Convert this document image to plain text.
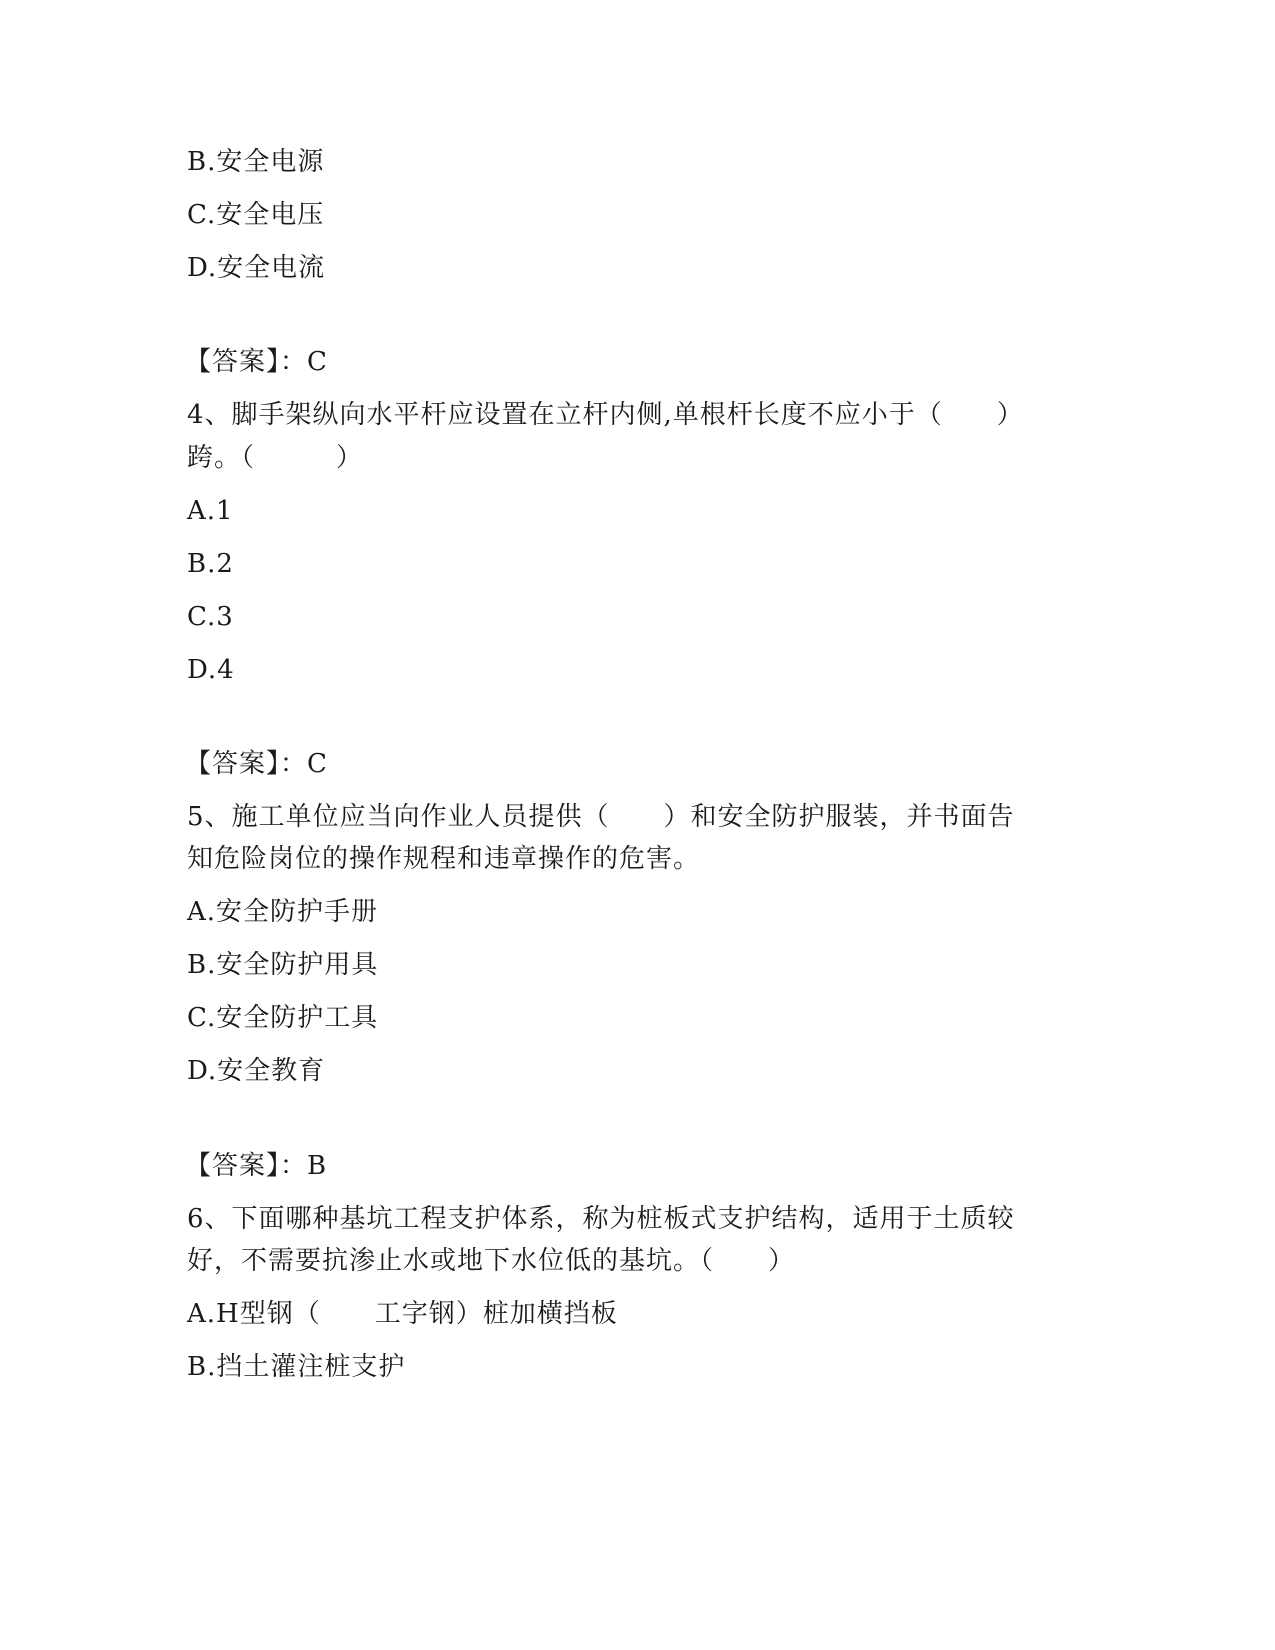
B.安全电源
C.安全电压
D.安全电流
【答案】：C
4、脚手架纵向水平杆应设置在立杆内侧,单根杆长度不应小于（　　）
跨。（　　　）
A.1
B.2
C.3
D.4
【答案】：C
5、施工单位应当向作业人员提供（　　）和安全防护服装，并书面告
知危险岗位的操作规程和违章操作的危害。
A.安全防护手册
B.安全防护用具
C.安全防护工具
D.安全教育
【答案】：B
6、下面哪种基坑工程支护体系，称为桩板式支护结构，适用于土质较
好，不需要抗渗止水或地下水位低的基坑。（　　）
A.H型钢（　　工字钢）桩加横挡板
B.挡土灌注桩支护
